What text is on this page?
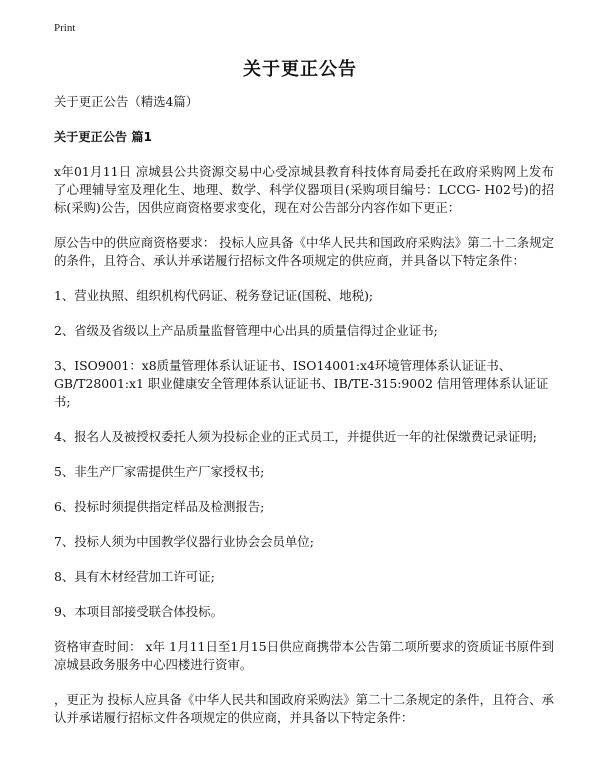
Print
关于更正公告

关于更正公告（精选4篇）

关于更正公告 篇1

x年01月11日 凉城县公共资源交易中心受凉城县教育科技体育局委托在政府采购网上发布了心理辅导室及理化生、地理、数学、科学仪器项目(采购项目编号：LCCG- H02号)的招标(采购)公告，因供应商资格要求变化，现在对公告部分内容作如下更正：

原公告中的供应商资格要求： 投标人应具备《中华人民共和国政府采购法》第二十二条规定的条件，且符合、承认并承诺履行招标文件各项规定的供应商，并具备以下特定条件：

1、营业执照、组织机构代码证、税务登记证(国税、地税);

2、省级及省级以上产品质量监督管理中心出具的质量信得过企业证书;

3、ISO9001：x8质量管理体系认证证书、ISO14001:x4环境管理体系认证证书、GB/T28001:x1 职业健康安全管理体系认证证书、IB/TE-315:9002 信用管理体系认证证书;

4、报名人及被授权委托人须为投标企业的正式员工，并提供近一年的社保缴费记录证明;

5、非生产厂家需提供生产厂家授权书;

6、投标时须提供指定样品及检测报告;

7、投标人须为中国教学仪器行业协会会员单位;

8、具有木材经营加工许可证;

9、本项目部接受联合体投标。

资格审查时间： x年 1月11日至1月15日供应商携带本公告第二项所要求的资质证书原件到凉城县政务服务中心四楼进行资审。

，更正为 投标人应具备《中华人民共和国政府采购法》第二十二条规定的条件，且符合、承认并承诺履行招标文件各项规定的供应商，并具备以下特定条件：
